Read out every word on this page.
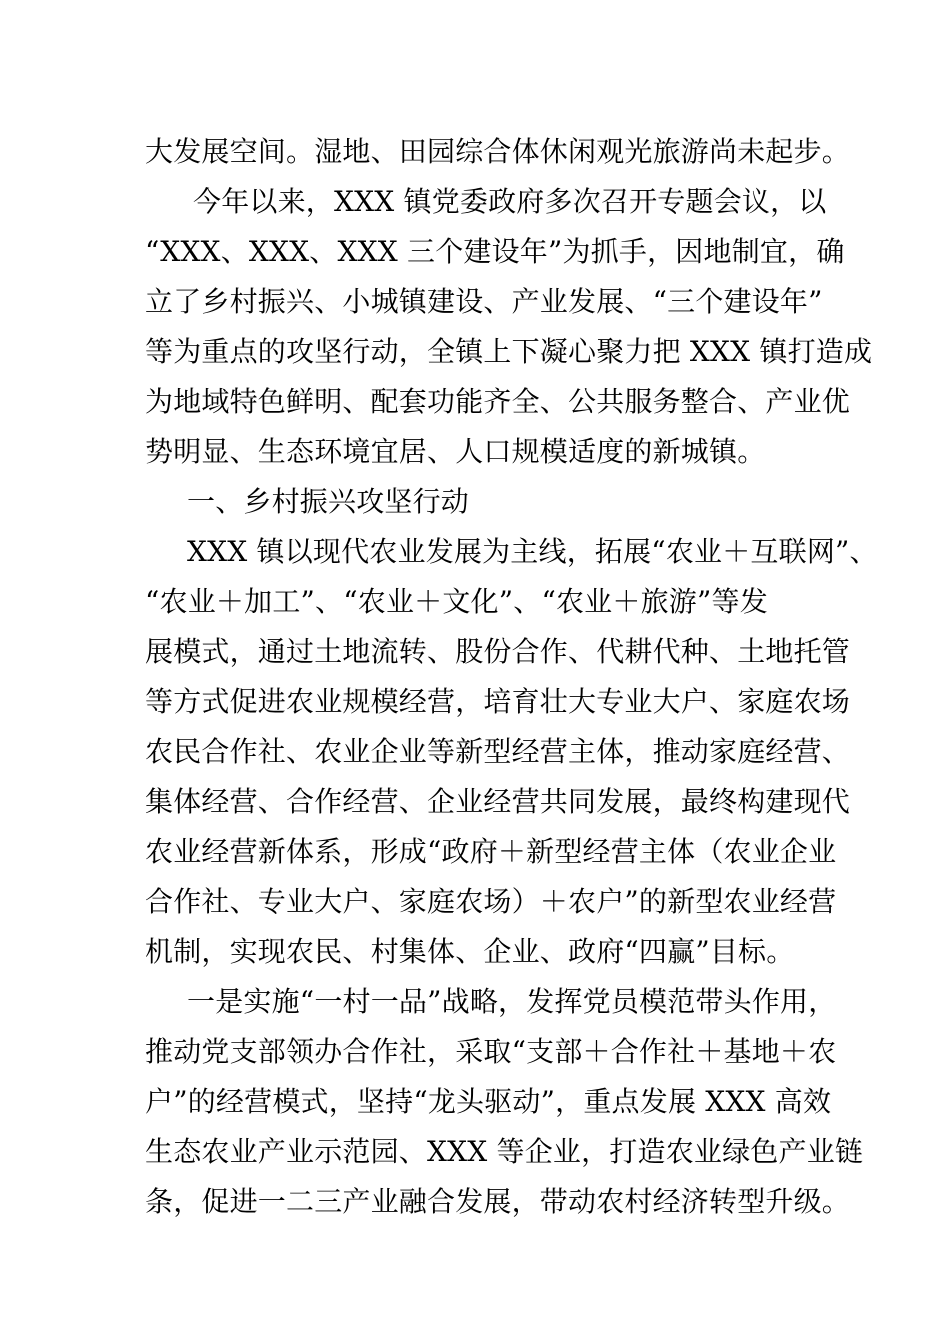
大发展空间。湿地、田园综合体休闲观光旅游尚未起步。
今年以来，XXX 镇党委政府多次召开专题会议，以
“XXX、XXX、XXX 三个建设年”为抓手，因地制宜，确
立了乡村振兴、小城镇建设、产业发展、“三个建设年”
等为重点的攻坚行动，全镇上下凝心聚力把 XXX 镇打造成
为地域特色鲜明、配套功能齐全、公共服务整合、产业优
势明显、生态环境宜居、人口规模适度的新城镇。
一、乡村振兴攻坚行动
XXX 镇以现代农业发展为主线，拓展“农业＋互联网”、
“农业＋加工”、“农业＋文化”、“农业＋旅游”等发
展模式，通过土地流转、股份合作、代耕代种、土地托管
等方式促进农业规模经营，培育壮大专业大户、家庭农场
农民合作社、农业企业等新型经营主体，推动家庭经营、
集体经营、合作经营、企业经营共同发展，最终构建现代
农业经营新体系，形成“政府＋新型经营主体（农业企业
合作社、专业大户、家庭农场）＋农户”的新型农业经营
机制，实现农民、村集体、企业、政府“四赢”目标。
一是实施“一村一品”战略，发挥党员模范带头作用，
推动党支部领办合作社，采取“支部＋合作社＋基地＋农
户”的经营模式，坚持“龙头驱动”，重点发展 XXX 高效
生态农业产业示范园、XXX 等企业，打造农业绿色产业链
条，促进一二三产业融合发展，带动农村经济转型升级。
